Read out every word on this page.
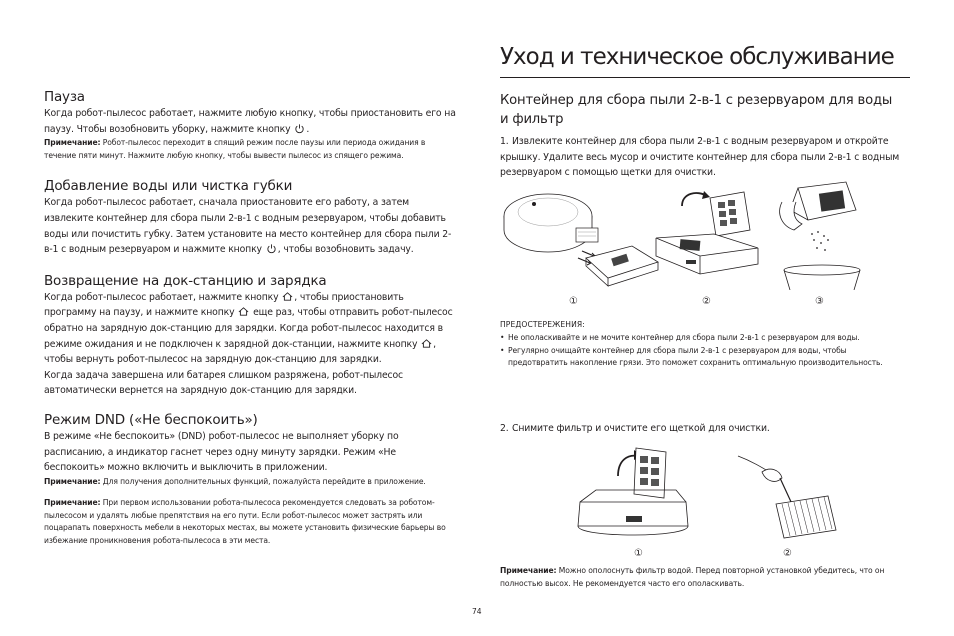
Пауза

Когда робот-пылесос работает, нажмите любую кнопку, чтобы приостановить его на паузу. Чтобы возобновить уборку, нажмите кнопку .

Примечание: Робот-пылесос переходит в спящий режим после паузы или периода ожидания в течение пяти минут. Нажмите любую кнопку, чтобы вывести пылесос из спящего режима.

Добавление воды или чистка губки

Когда робот-пылесос работает, сначала приостановите его работу, а затем извлеките контейнер для сбора пыли 2-в-1 с водным резервуаром, чтобы добавить воды или почистить губку. Затем установите на место контейнер для сбора пыли 2-в-1 с водным резервуаром и нажмите кнопку , чтобы возобновить задачу.

Возвращение на док-станцию и зарядка

Когда робот-пылесос работает, нажмите кнопку , чтобы приостановить программу на паузу, и нажмите кнопку  еще раз, чтобы отправить робот-пылесос обратно на зарядную док-станцию для зарядки. Когда робот-пылесос находится в режиме ожидания и не подключен к зарядной док-станции, нажмите кнопку , чтобы вернуть робот-пылесос на зарядную док-станцию для зарядки.

Когда задача завершена или батарея слишком разряжена, робот-пылесос автоматически вернется на зарядную док-станцию для зарядки.

Режим DND («Не беспокоить»)

В режиме «Не беспокоить» (DND) робот-пылесос не выполняет уборку по расписанию, а индикатор гаснет через одну минуту зарядки. Режим «Не беспокоить» можно включить и выключить в приложении.

Примечание: Для получения дополнительных функций, пожалуйста перейдите в приложение.

Примечание: При первом использовании робота-пылесоса рекомендуется следовать за роботом-пылесосом и удалять любые препятствия на его пути. Если робот-пылесос может застрять или поцарапать поверхность мебели в некоторых местах, вы можете установить физические барьеры во избежание проникновения робота-пылесоса в эти места.

Уход и техническое обслуживание
Контейнер для сбора пыли 2-в-1 с резервуаром для воды и фильтр

1. Извлеките контейнер для сбора пыли 2-в-1 с водным резервуаром и откройте крышку. Удалите весь мусор и очистите контейнер для сбора пыли 2-в-1 с водным резервуаром с помощью щетки для очистки.

①	②	③

ПРЕДОСТЕРЕЖЕНИЯ:

• Не ополаскивайте и не мочите контейнер для сбора пыли 2-в-1 с резервуаром для воды.
• Регулярно очищайте контейнер для сбора пыли 2-в-1 с резервуаром для воды, чтобы предотвратить накопление грязи. Это поможет сохранить оптимальную производительность.

2. Снимите фильтр и очистите его щеткой для очистки.

①	②

Примечание: Можно ополоснуть фильтр водой. Перед повторной установкой убедитесь, что он полностью высох. Не рекомендуется часто его ополаскивать.

74
